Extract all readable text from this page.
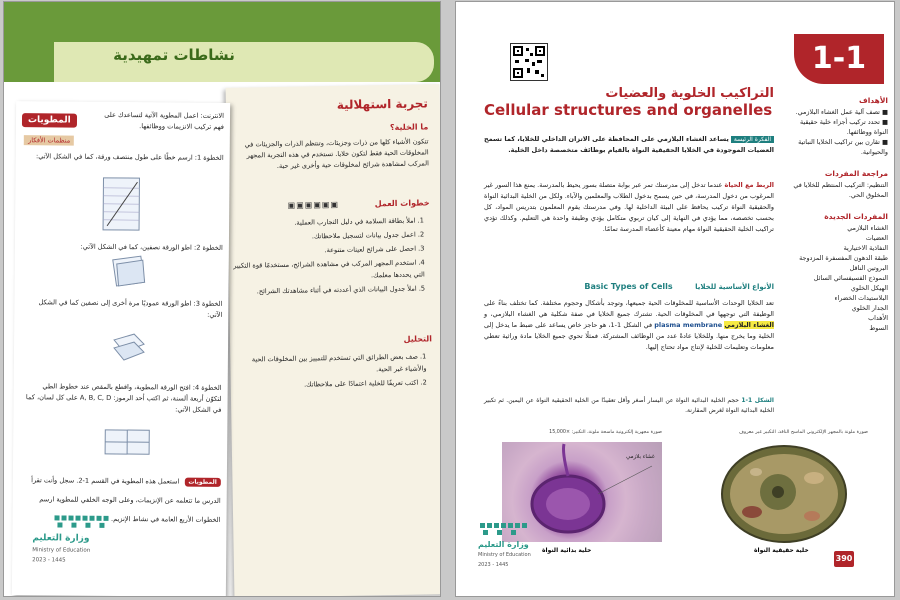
نشاطات تمهيدية
تجربة استهلالية
ما الخلية؟
تتكون الأشياء كلها من ذرات وجزيئات، وتنتظم الذرات والجزيئات في المخلوقات الحية فقط لتكون خلايا. تستخدم في هذه التجربة المجهر المركب لمشاهدة شرائح لمخلوقات حية وأخرى غير حية.
خطوات العمل
▣▣▣▣▣▣
1. املأ بطاقة السلامة في دليل التجارب العملية.
2. اعمل جدول بيانات لتسجيل ملاحظاتك.
3. احصل على شرائح لعينات متنوعة.
4. استخدم المجهر المركب في مشاهدة الشرائح، مستخدمًا قوة التكبير التي يحددها معلمك.
5. املأ جدول البيانات الذي أعددته في أثناء مشاهدتك الشرائح.
التحليل
1. صف بعض الطرائق التي تستخدم للتمييز بين المخلوقات الحية والأشياء غير الحية.
2. اكتب تعريفًا للخلية اعتمادًا على ملاحظاتك.
المطويات
منظمات الأفكار
الانترنت: اعمل المطوية الآتية لتساعدك على فهم تركيب الانزيمات ووظائفها.
الخطوة 1: ارسم خطًا على طول منتصف ورقة، كما في الشكل الآتي:
الخطوة 2: اطو الورقة نصفين، كما في الشكل الآتي:
الخطوة 3: اطو الورقة عموديًا مرة أخرى إلى نصفين كما في الشكل الآتي:
الخطوة 4: افتح الورقة المطوية، واقطع بالمقص عند خطوط الطي لتكوّن أربعة ألسنة، ثم اكتب أحد الرموز: A, B, C, D على كل لسان، كما في الشكل الآتي:
المطويات استعمل هذه المطوية في القسم 1-2. سجل وأنت تقرأ الدرس ما تتعلمه عن الإنزيمات، وعلى الوجه الخلفي للمطوية ارسم الخطوات الأربع العامة في نشاط الإنزيم.
وزارة التعليم
Ministry of Education
2023 - 1445
1-1
التراكيب الخلوية والعضيات
Cellular structures and organelles
الأهداف
■ تصف آلية عمل الغشاء البلازمي.
■ تحدد تركيب أجزاء خلية حقيقية النواة ووظائفها.
■ تقارن بين تراكيب الخلايا النباتية والحيوانية.
مراجعة المفردات
التنظيم: التركيب المنتظم للخلايا في المخلوق الحي.
المفردات الجديدة
الغشاء البلازمي
العضيات
النفاذية الاختيارية
طبقة الدهون المفسفرة المزدوجة
البروتين الناقل
النموذج الفسيفسائي السائل
الهيكل الخلوي
البلاستيدات الخضراء
الجدار الخلوي
الأهداب
السوط
الفكرة الرئيسة يساعد الغشاء البلازمي على المحافظة على الاتزان الداخلي للخلايا، كما تسمح العضيات الموجودة في الخلايا الحقيقية النواة بالقيام بوظائف متخصصة داخل الخلية.
الربط مع الحياة عندما تدخل إلى مدرستك تمر عبر بوابة متصلة بسور يحيط بالمدرسة. يمنع هذا السور غير المرغوب من دخول المدرسة، في حين يسمح بدخول الطلاب والمعلمين والآباء. ولكل من الخلية البدائية النواة والحقيقية النواة تركيب يحافظ على البيئة الداخلية لها. وفي مدرستك يقوم المعلمون بتدريس المواد، كل بحسب تخصصه، مما يؤدي في النهاية إلى كيان تربوي متكامل يؤدي وظيفة واحدة هي التعليم. وكذلك تؤدي تراكيب الخلية الحقيقية النواة مهام معينة كأعضاء المدرسة تمامًا.
الأنواع الأساسية للخلايا Basic Types of Cells
تعد الخلايا الوحدات الأساسية للمخلوقات الحية جميعها، وتوجد بأشكال وحجوم مختلفة. كما تختلف بناءً على الوظيفة التي توجهها في المخلوقات الحية. تشترك جميع الخلايا في صفة شكلية هي الغشاء البلازمي، و الغشاء البلازمي plasma membrane في الشكل 1-1، هو حاجز خاص يساعد على ضبط ما يدخل إلى الخلية وما يخرج منها. وللخلايا عادةً عدد من الوظائف المشتركة. فمثلًا تحوي جميع الخلايا مادة وراثية تعطي معلومات وتعليمات للخلية لإنتاج مواد تحتاج إليها.
الشكل 1-1 حجم الخلية البدائية النواة عن اليسار أصغر وأقل تعقيدًا من الخلية الحقيقية النواة عن اليمين. ثم تكبير الخلية البدائية النواة لغرض المقارنة.
صورة مجهرية إلكترونية ماسحة ملونة، التكبير: ×15,000	صورة ملونة بالمجهر الإلكتروني الماسح النافذ، التكبير غير معروف
غشاء بلازمي
خلية بدائية النواة	خلية حقيقية النواة
390
وزارة التعليم
Ministry of Education
2023 - 1445
